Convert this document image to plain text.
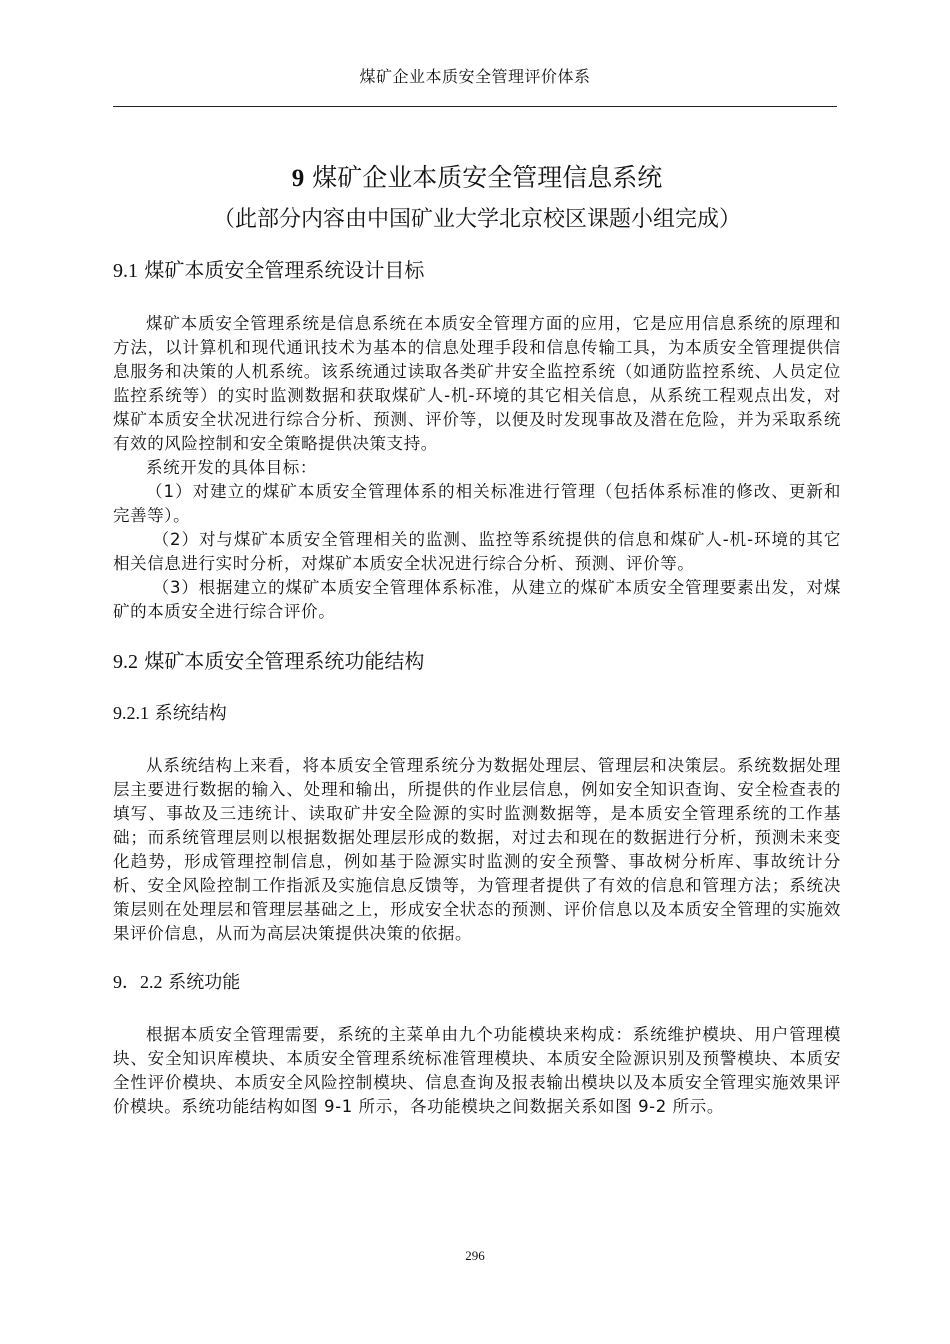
煤矿企业本质安全管理评价体系
9 煤矿企业本质安全管理信息系统
（此部分内容由中国矿业大学北京校区课题小组完成）
9.1 煤矿本质安全管理系统设计目标

煤矿本质安全管理系统是信息系统在本质安全管理方面的应用，它是应用信息系统的原理和方法，以计算机和现代通讯技术为基本的信息处理手段和信息传输工具，为本质安全管理提供信息服务和决策的人机系统。该系统通过读取各类矿井安全监控系统（如通防监控系统、人员定位监控系统等）的实时监测数据和获取煤矿人-机-环境的其它相关信息，从系统工程观点出发，对煤矿本质安全状况进行综合分析、预测、评价等，以便及时发现事故及潜在危险，并为采取系统有效的风险控制和安全策略提供决策支持。

系统开发的具体目标：

（1）对建立的煤矿本质安全管理体系的相关标准进行管理（包括体系标准的修改、更新和完善等）。

（2）对与煤矿本质安全管理相关的监测、监控等系统提供的信息和煤矿人-机-环境的其它相关信息进行实时分析，对煤矿本质安全状况进行综合分析、预测、评价等。

（3）根据建立的煤矿本质安全管理体系标准，从建立的煤矿本质安全管理要素出发，对煤矿的本质安全进行综合评价。

9.2 煤矿本质安全管理系统功能结构
9.2.1 系统结构

从系统结构上来看，将本质安全管理系统分为数据处理层、管理层和决策层。系统数据处理层主要进行数据的输入、处理和输出，所提供的作业层信息，例如安全知识查询、安全检查表的填写、事故及三违统计、读取矿井安全险源的实时监测数据等，是本质安全管理系统的工作基础；而系统管理层则以根据数据处理层形成的数据，对过去和现在的数据进行分析，预测未来变化趋势，形成管理控制信息，例如基于险源实时监测的安全预警、事故树分析库、事故统计分析、安全风险控制工作指派及实施信息反馈等，为管理者提供了有效的信息和管理方法；系统决策层则在处理层和管理层基础之上，形成安全状态的预测、评价信息以及本质安全管理的实施效果评价信息，从而为高层决策提供决策的依据。

9．2.2 系统功能

根据本质安全管理需要，系统的主菜单由九个功能模块来构成：系统维护模块、用户管理模块、安全知识库模块、本质安全管理系统标准管理模块、本质安全险源识别及预警模块、本质安全性评价模块、本质安全风险控制模块、信息查询及报表输出模块以及本质安全管理实施效果评价模块。系统功能结构如图 9-1 所示，各功能模块之间数据关系如图 9-2 所示。

296
